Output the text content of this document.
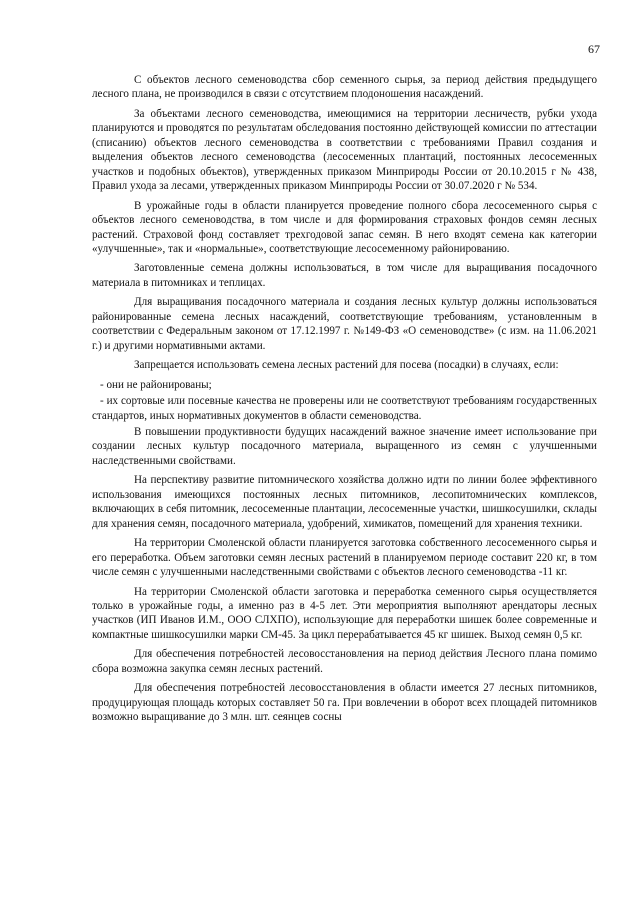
67

С объектов лесного семеноводства сбор семенного сырья, за период действия предыдущего лесного плана, не производился в связи с отсутствием плодоношения насаждений.

За объектами лесного семеноводства, имеющимися на территории лесничеств, рубки ухода планируются и проводятся по результатам обследования постоянно действующей комиссии по аттестации (списанию) объектов лесного семеноводства в соответствии с требованиями Правил создания и выделения объектов лесного семеноводства (лесосеменных плантаций, постоянных лесосеменных участков и подобных объектов), утвержденных приказом Минприроды России от 20.10.2015 г № 438, Правил ухода за лесами, утвержденных приказом Минприроды России от 30.07.2020 г № 534.

В урожайные годы в области планируется проведение полного сбора лесосеменного сырья с объектов лесного семеноводства, в том числе и для формирования страховых фондов семян лесных растений. Страховой фонд составляет трехгодовой запас семян. В него входят семена как категории «улучшенные», так и «нормальные», соответствующие лесосеменному районированию.

Заготовленные семена должны использоваться, в том числе для выращивания посадочного материала в питомниках и теплицах.

Для выращивания посадочного материала и создания лесных культур должны использоваться районированные семена лесных насаждений, соответствующие требованиям, установленным в соответствии с Федеральным законом от 17.12.1997 г. №149-ФЗ «О семеноводстве» (с изм. на 11.06.2021 г.) и другими нормативными актами.

Запрещается использовать семена лесных растений для посева (посадки) в случаях, если:

- они не районированы;

- их сортовые или посевные качества не проверены или не соответствуют требованиям государственных стандартов, иных нормативных документов в области семеноводства.

В повышении продуктивности будущих насаждений важное значение имеет использование при создании лесных культур посадочного материала, выращенного из семян с улучшенными наследственными свойствами.

На перспективу развитие питомнического хозяйства должно идти по линии более эффективного использования имеющихся постоянных лесных питомников, лесопитомнических комплексов, включающих в себя питомник, лесосеменные плантации, лесосеменные участки, шишкосушилки, склады для хранения семян, посадочного материала, удобрений, химикатов, помещений для хранения техники.

На территории Смоленской области планируется заготовка собственного лесосеменного сырья и его переработка. Объем заготовки семян лесных растений в планируемом периоде составит 220 кг, в том числе семян с улучшенными наследственными свойствами с объектов лесного семеноводства -11 кг.

На территории Смоленской области заготовка и переработка семенного сырья осуществляется только в урожайные годы, а именно раз в 4-5 лет. Эти мероприятия выполняют арендаторы лесных участков (ИП Иванов И.М., ООО СЛХПО), использующие для переработки шишек более современные и компактные шишкосушилки марки СМ-45. За цикл перерабатывается 45 кг шишек. Выход семян 0,5 кг.

Для обеспечения потребностей лесовосстановления на период действия Лесного плана помимо сбора возможна закупка семян лесных растений.

Для обеспечения потребностей лесовосстановления в области имеется 27 лесных питомников, продуцирующая площадь которых составляет 50 га. При вовлечении в оборот всех площадей питомников возможно выращивание до 3 млн. шт. сеянцев сосны
